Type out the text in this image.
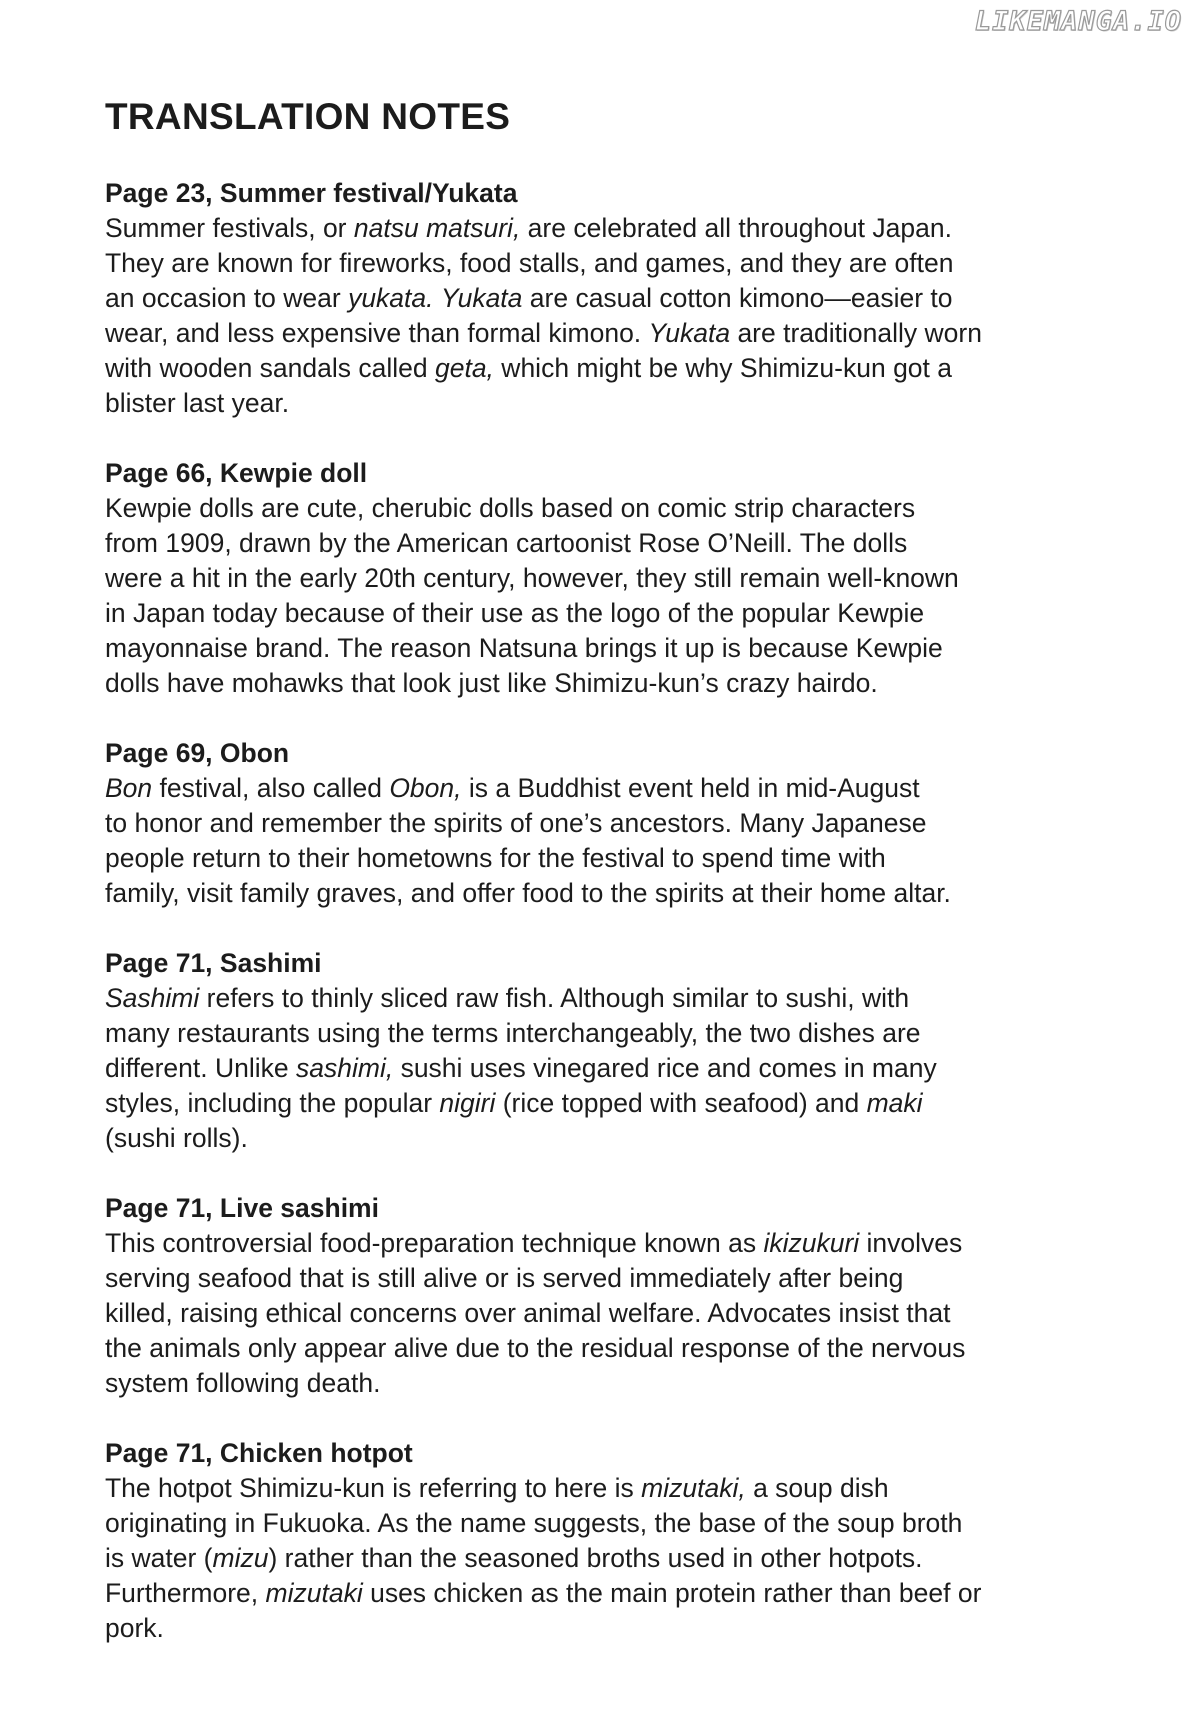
LIKEMANGA.IO
TRANSLATION NOTES
Page 23, Summer festival/Yukata
Summer festivals, or natsu matsuri, are celebrated all throughout Japan.
They are known for fireworks, food stalls, and games, and they are often
an occasion to wear yukata. Yukata are casual cotton kimono—easier to
wear, and less expensive than formal kimono. Yukata are traditionally worn
with wooden sandals called geta, which might be why Shimizu-kun got a
blister last year.
Page 66, Kewpie doll
Kewpie dolls are cute, cherubic dolls based on comic strip characters
from 1909, drawn by the American cartoonist Rose O’Neill. The dolls
were a hit in the early 20th century, however, they still remain well-known
in Japan today because of their use as the logo of the popular Kewpie
mayonnaise brand. The reason Natsuna brings it up is because Kewpie
dolls have mohawks that look just like Shimizu-kun’s crazy hairdo.
Page 69, Obon
Bon festival, also called Obon, is a Buddhist event held in mid-August
to honor and remember the spirits of one’s ancestors. Many Japanese
people return to their hometowns for the festival to spend time with
family, visit family graves, and offer food to the spirits at their home altar.
Page 71, Sashimi
Sashimi refers to thinly sliced raw fish. Although similar to sushi, with
many restaurants using the terms interchangeably, the two dishes are
different. Unlike sashimi, sushi uses vinegared rice and comes in many
styles, including the popular nigiri (rice topped with seafood) and maki
(sushi rolls).
Page 71, Live sashimi
This controversial food-preparation technique known as ikizukuri involves
serving seafood that is still alive or is served immediately after being
killed, raising ethical concerns over animal welfare. Advocates insist that
the animals only appear alive due to the residual response of the nervous
system following death.
Page 71, Chicken hotpot
The hotpot Shimizu-kun is referring to here is mizutaki, a soup dish
originating in Fukuoka. As the name suggests, the base of the soup broth
is water (mizu) rather than the seasoned broths used in other hotpots.
Furthermore, mizutaki uses chicken as the main protein rather than beef or
pork.
